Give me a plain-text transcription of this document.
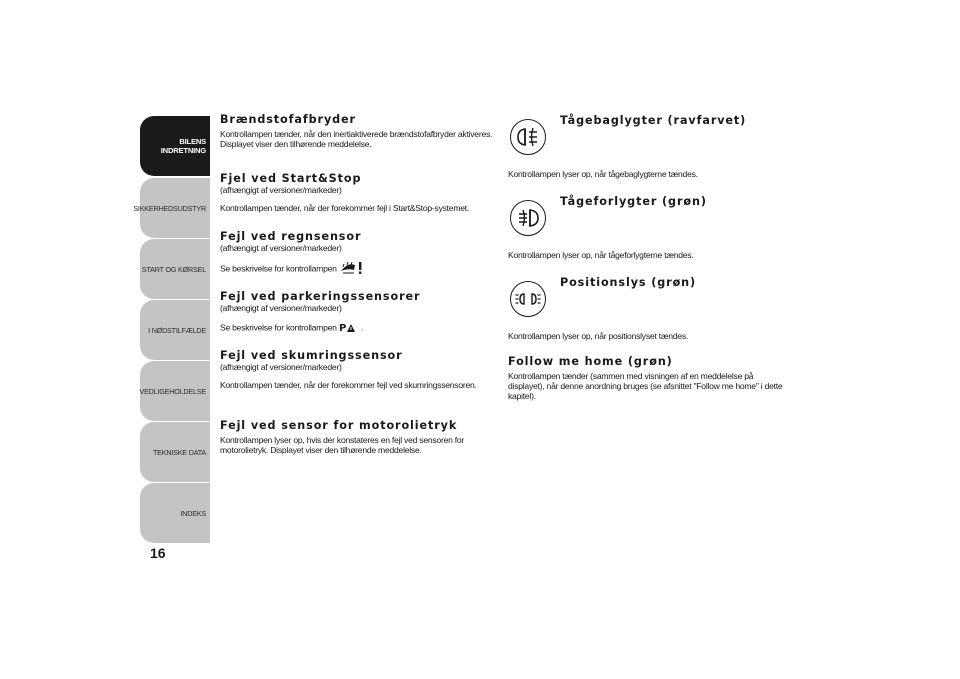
BILENS
INDRETNING
SIKKERHEDSUDSTYR
START OG KØRSEL
I NØDSTILFÆLDE
VEDLIGEHOLDELSE
TEKNISKE DATA
INDEKS
16
Brændstofafbryder

Kontrollampen tænder, når den inertiaktiverede brændstofafbryder aktiveres. Displayet viser den tilhørende meddelelse.

Fjel ved Start&Stop

(afhængigt af versioner/markeder)

Kontrollampen tænder, når der forekommer fejl i Start&Stop-systemet.

Fejl ved regnsensor

(afhængigt af versioner/markeder)

Se beskrivelse for kontrollampen

Fejl ved parkeringssensorer

(afhængigt af versioner/markeder)

Se beskrivelse for kontrollampen P .

Fejl ved skumringssensor

(afhængigt af versioner/markeder)

Kontrollampen tænder, når der forekommer fejl ved skumringssensoren.

Fejl ved sensor for motorolietryk

Kontrollampen lyser op, hvis der konstateres en fejl ved sensoren for motorolietryk. Displayet viser den tilhørende meddelelse.

Tågebaglygter (ravfarvet)

Kontrollampen lyser op, når tågebaglygterne tændes.

Tågeforlygter (grøn)

Kontrollampen lyser op, når tågeforlygterne tændes.

Positionslys (grøn)

Kontrollampen lyser op, når positionslyset tændes.

Follow me home (grøn)

Kontrollampen tænder (sammen med visningen af en meddelelse på displayet), når denne anordning bruges (se afsnittet "Follow me home" i dette kapitel).
